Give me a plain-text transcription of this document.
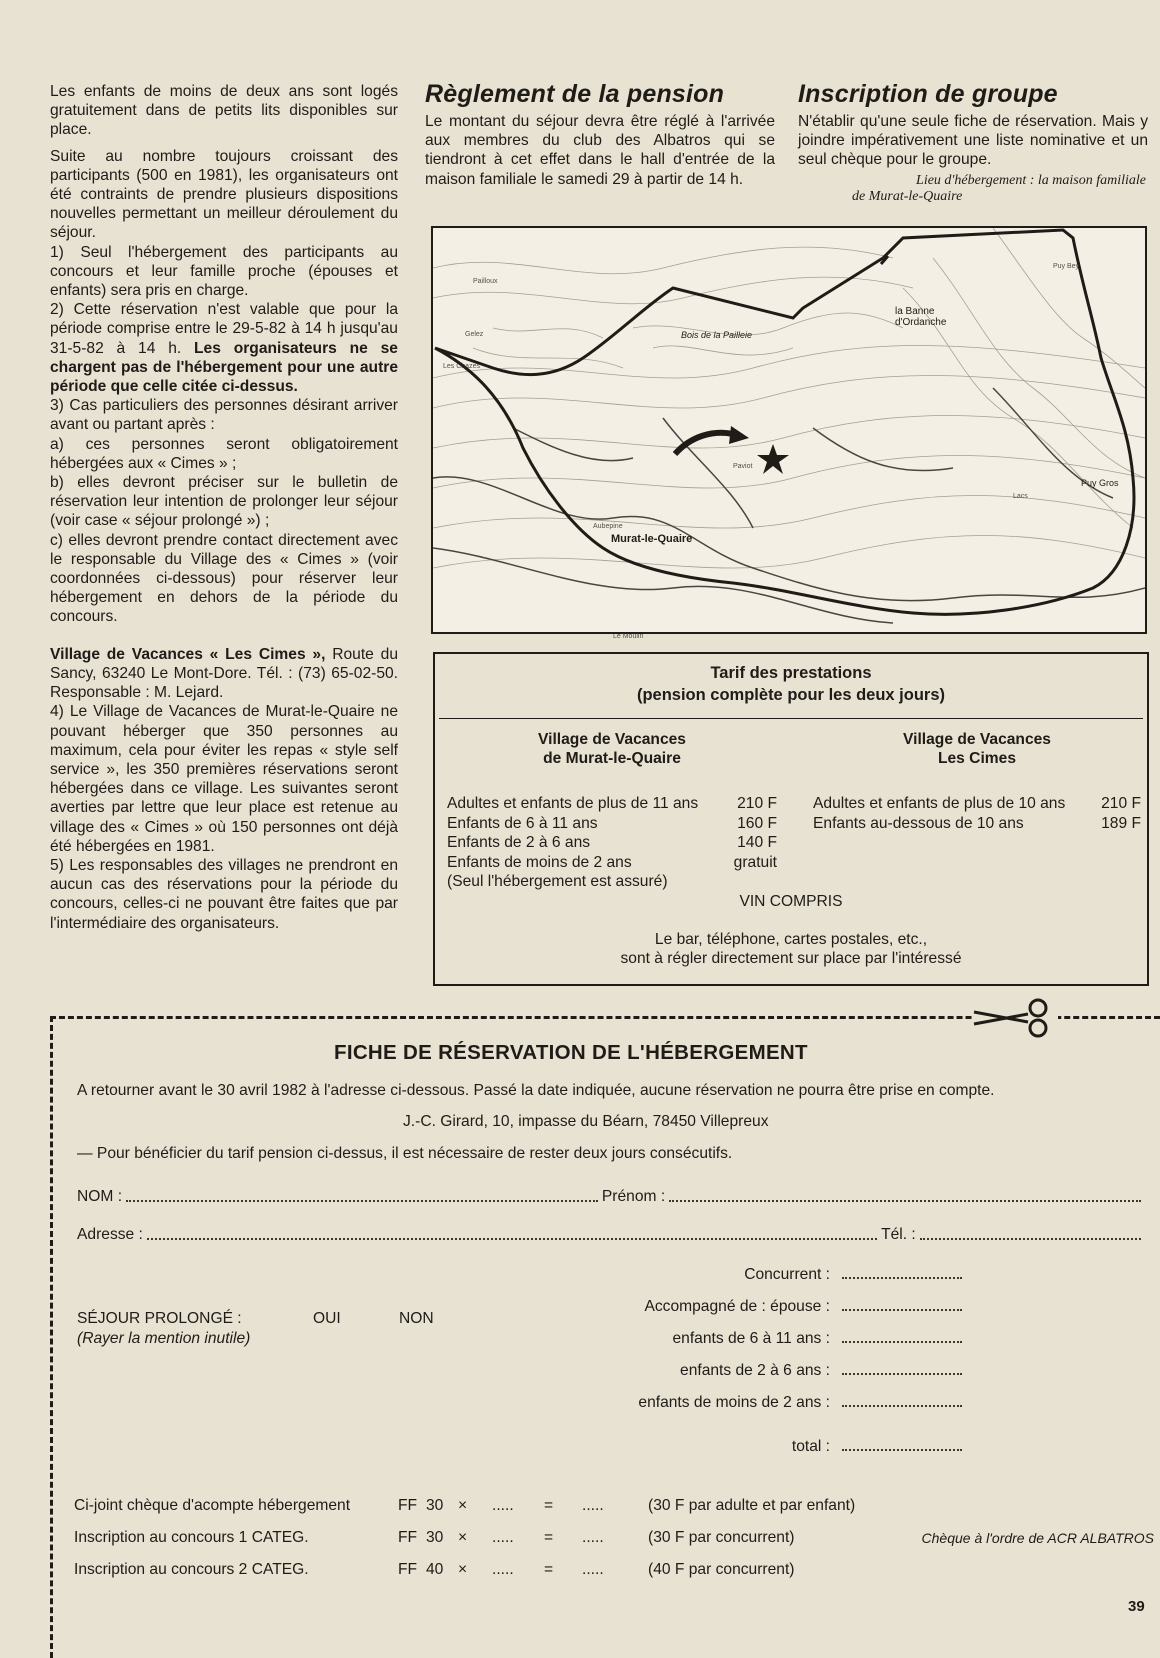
Les enfants de moins de deux ans sont logés gratuitement dans de petits lits disponibles sur place.

Suite au nombre toujours croissant des participants (500 en 1981), les organisateurs ont été contraints de prendre plusieurs dispositions nouvelles permettant un meilleur déroulement du séjour.

1) Seul l'hébergement des participants au concours et leur famille proche (épouses et enfants) sera pris en charge.

2) Cette réservation n'est valable que pour la période comprise entre le 29-5-82 à 14 h jusqu'au 31-5-82 à 14 h. Les organisateurs ne se chargent pas de l'hébergement pour une autre période que celle citée ci-dessus.

3) Cas particuliers des personnes désirant arriver avant ou partant après :

a) ces personnes seront obligatoirement hébergées aux « Cimes » ;

b) elles devront préciser sur le bulletin de réservation leur intention de prolonger leur séjour (voir case « séjour prolongé ») ;

c) elles devront prendre contact directement avec le responsable du Village des « Cimes » (voir coordonnées ci-dessous) pour réserver leur hébergement en dehors de la période du concours.

Village de Vacances « Les Cimes », Route du Sancy, 63240 Le Mont-Dore. Tél. : (73) 65-02-50. Responsable : M. Lejard.

4) Le Village de Vacances de Murat-le-Quaire ne pouvant héberger que 350 personnes au maximum, cela pour éviter les repas « style self service », les 350 premières réservations seront hébergées dans ce village. Les suivantes seront averties par lettre que leur place est retenue au village des « Cimes » où 150 personnes ont déjà été hébergées en 1981.

5) Les responsables des villages ne prendront en aucun cas des réservations pour la période du concours, celles-ci ne pouvant être faites que par l'intermédiaire des organisateurs.

Règlement de la pension
Le montant du séjour devra être réglé à l'arrivée aux membres du club des Albatros qui se tiendront à cet effet dans le hall d'entrée de la maison familiale le samedi 29 à partir de 14 h.
Inscription de groupe
N'établir qu'une seule fiche de réservation. Mais y joindre impérativement une liste nominative et un seul chèque pour le groupe.
Lieu d'hébergement : la maison familiale
de Murat-le-Quaire
Pailloux
Gelez
Les Chazes
Le Moulin
Puy Bey
Lacs
Paviot
Aubepine
la Banne
d'Ordanche
Murat-le-Quaire
Puy Gros
Bois de la Pailleie
Tarif des prestations
(pension complète pour les deux jours)
Village de Vacances
de Murat-le-Quaire
Adultes et enfants de plus de 11 ans 210 F
Enfants de 6 à 11 ans	160 F
Enfants de 2 à 6 ans	140 F
Enfants de moins de 2 ans	gratuit
(Seul l'hébergement est assuré)
Village de Vacances
Les Cimes
Adultes et enfants de plus de 10 ans 210 F
Enfants au-dessous de 10 ans	189 F
VIN COMPRIS
Le bar, téléphone, cartes postales, etc.,
sont à régler directement sur place par l'intéressé
FICHE DE RÉSERVATION DE L'HÉBERGEMENT
A retourner avant le 30 avril 1982 à l'adresse ci-dessous. Passé la date indiquée, aucune réservation ne pourra être prise en compte.
J.-C. Girard, 10, impasse du Béarn, 78450 Villepreux
— Pour bénéficier du tarif pension ci-dessus, il est nécessaire de rester deux jours consécutifs.
NOM :	Prénom :
Adresse :	Tél. :
SÉJOUR PROLONGÉ :	OUI	NON
(Rayer la mention inutile)
Concurrent :
Accompagné de : épouse :
enfants de 6 à 11 ans :
enfants de 2 à 6 ans :
enfants de moins de 2 ans :
total :
Ci-joint chèque d'acompte hébergement	FF 30 × ..... = .....	(30 F par adulte et par enfant)
Inscription au concours 1 CATEG.	FF 30 × ..... = .....	(30 F par concurrent)	Chèque à l'ordre de ACR ALBATROS
Inscription au concours 2 CATEG.	FF 40 × ..... = .....	(40 F par concurrent)
39
